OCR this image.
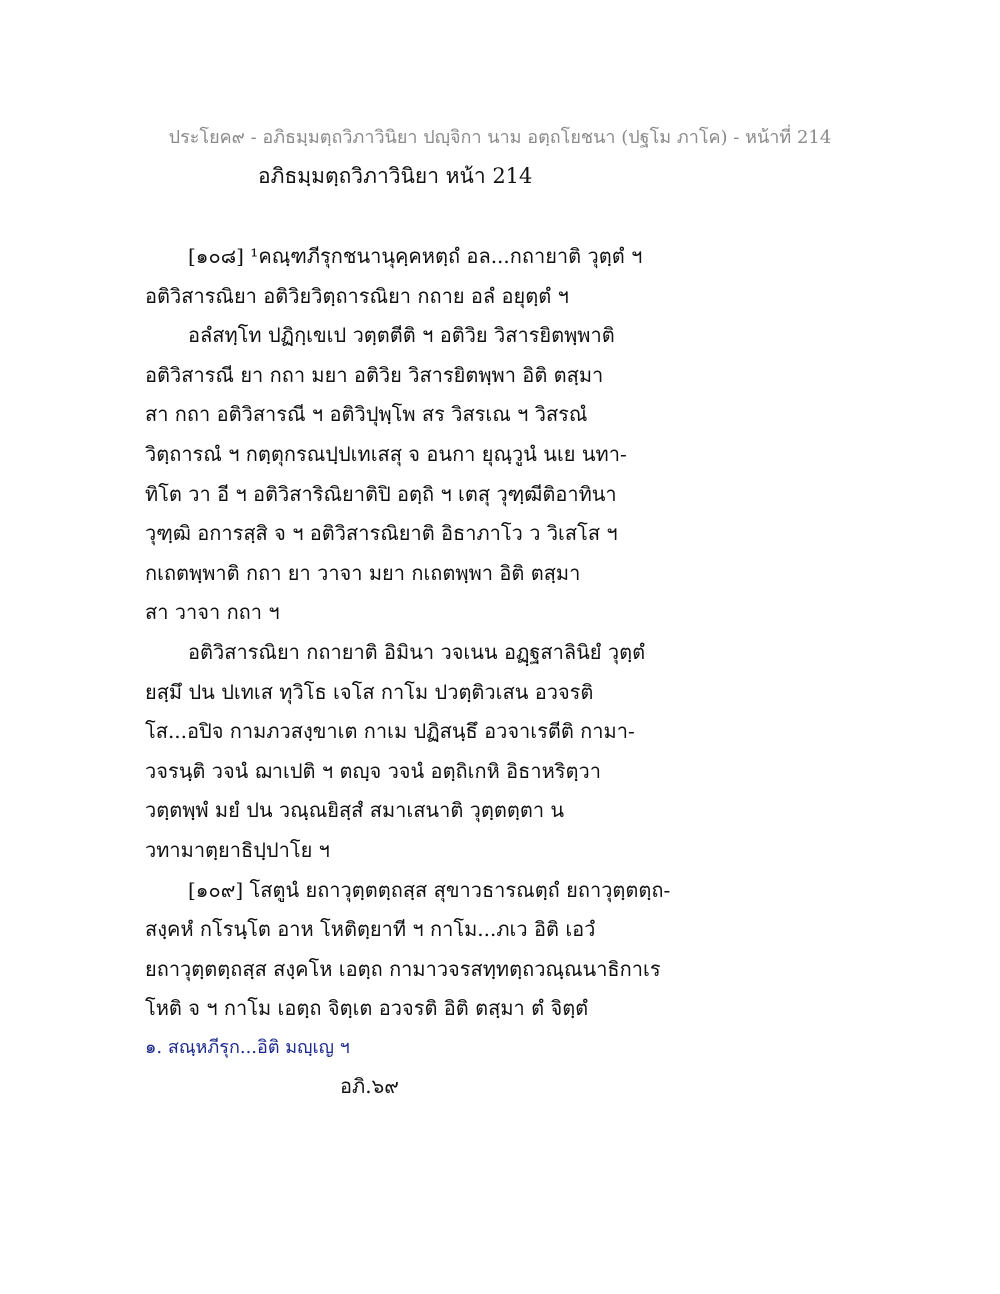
ประโยค๙ - อภิธมฺมตฺถวิภาวินิยา ปญฺจิกา นาม อตฺถโยชนา (ปฐโม ภาโค) - หน้าที่ 214
อภิธมฺมตฺถวิภาวินิยา หน้า 214
[๑๐๘] ¹คณฺฑภีรุกชนานุคฺคหตฺถํ อล...กถายาติ วุตฺตํ ฯ
อติวิสารณิยา อติวิยวิตฺถารณิยา กถาย อลํ อยุตฺตํ ฯ
อลํสทฺโท ปฏิกฺเขเป วตฺตตีติ ฯ อติวิย วิสารยิตพฺพาติ
อติวิสารณี ยา กถา มยา อติวิย วิสารยิตพฺพา อิติ ตสฺมา
สา กถา อติวิสารณี ฯ อติวิปุพฺโพ สร วิสรเณ ฯ วิสรณํ
วิตฺถารณํ ฯ กตฺตุกรณปฺปเทเสสุ จ อนกา ยุณฺวูนํ นเย นทา-
ทิโต วา อี ฯ อติวิสาริณิยาติปิ อตฺถิ ฯ เตสุ วุฑฺฒีติอาทินา
วุฑฺฒิ อการสฺสิ จ ฯ อติวิสารณิยาติ อิธาภาโว ว วิเสโส ฯ
กเถตพฺพาติ กถา ยา วาจา มยา กเถตพฺพา อิติ ตสฺมา
สา วาจา กถา ฯ
อติวิสารณิยา กถายาติ อิมินา วจเนน อฏฺฐสาลินิยํ วุตฺตํ
ยสฺมึ ปน ปเทเส ทุวิโธ เจโส กาโม ปวตฺติวเสน อวจรติ
โส...อปิจ กามภวสงฺขาเต กาเม ปฏิสนฺธึ อวจาเรตีติ กามา-
วจรนฺติ วจนํ ฌาเปติ ฯ ตญฺจ วจนํ อตฺถิเกหิ อิธาหริตฺวา
วตฺตพฺพํ มยํ ปน วณฺณยิสฺสํ สมาเสนาติ วุตฺตตฺตา น
วทามาตฺยาธิปฺปาโย ฯ
[๑๐๙] โสตูนํ ยถาวุตฺตตฺถสฺส สุขาวธารณตฺถํ ยถาวุตฺตตฺถ-
สงฺคหํ กโรนฺโต อาห โหติตฺยาที ฯ กาโม...ภเว อิติ เอวํ
ยถาวุตฺตตฺถสฺส สงฺคโห เอตฺถ กามาวจรสทฺทตฺถวณฺณนาธิกาเร
โหติ จ ฯ กาโม เอตฺถ จิตฺเต อวจรติ อิติ ตสฺมา ตํ จิตฺตํ
๑. สณฺหภีรุก...อิติ มญฺเญ ฯ
อภิ.๖๙
